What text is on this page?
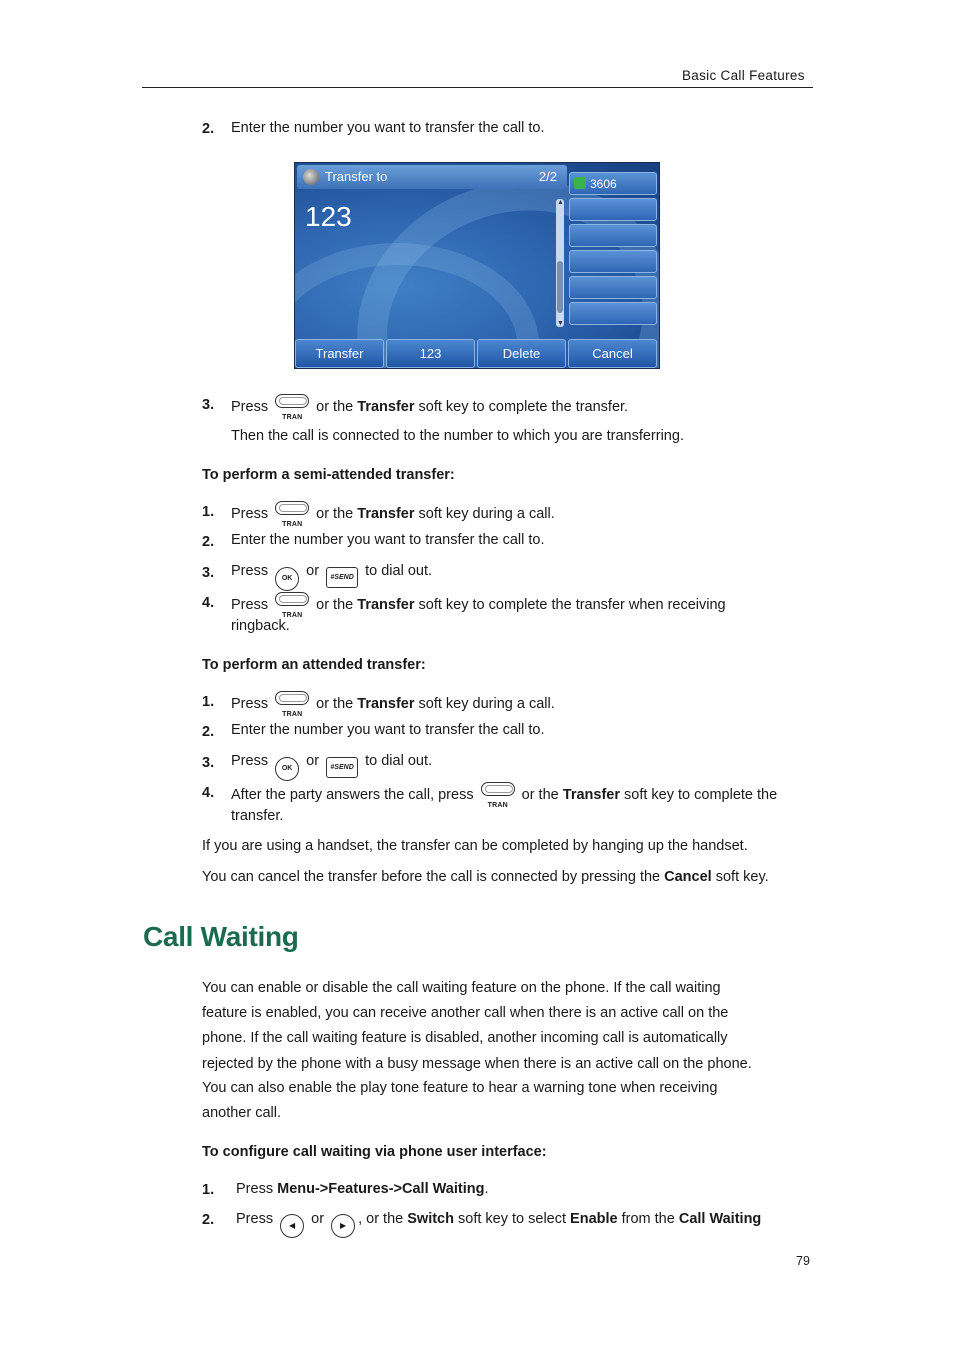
Basic Call Features
2. Enter the number you want to transfer the call to.
Transfer to	2/2
123	▲
▼
3606
Transfer	123	Delete	Cancel
3. Press
TRAN
or the Transfer soft key to complete the transfer.
Then the call is connected to the number to which you are transferring.
To perform a semi-attended transfer:
1. Press
TRAN
or the Transfer soft key during a call.
2. Enter the number you want to transfer the call to.
3. Press OK or #SEND to dial out.
4. Press
TRAN
or the Transfer soft key to complete the transfer when receiving
ringback.
To perform an attended transfer:
1. Press
TRAN
or the Transfer soft key during a call.
2. Enter the number you want to transfer the call to.
3. Press OK or #SEND to dial out.
4. After the party answers the call, press
TRAN
or the Transfer soft key to complete the
transfer.
If you are using a handset, the transfer can be completed by hanging up the handset.
You can cancel the transfer before the call is connected by pressing the Cancel soft key.
Call Waiting
You can enable or disable the call waiting feature on the phone. If the call waiting
feature is enabled, you can receive another call when there is an active call on the
phone. If the call waiting feature is disabled, another incoming call is automatically
rejected by the phone with a busy message when there is an active call on the phone.
You can also enable the play tone feature to hear a warning tone when receiving
another call.
To configure call waiting via phone user interface:
1. Press Menu->Features->Call Waiting.
2. Press ◀ or ▶ , or the Switch soft key to select Enable from the Call Waiting
79
